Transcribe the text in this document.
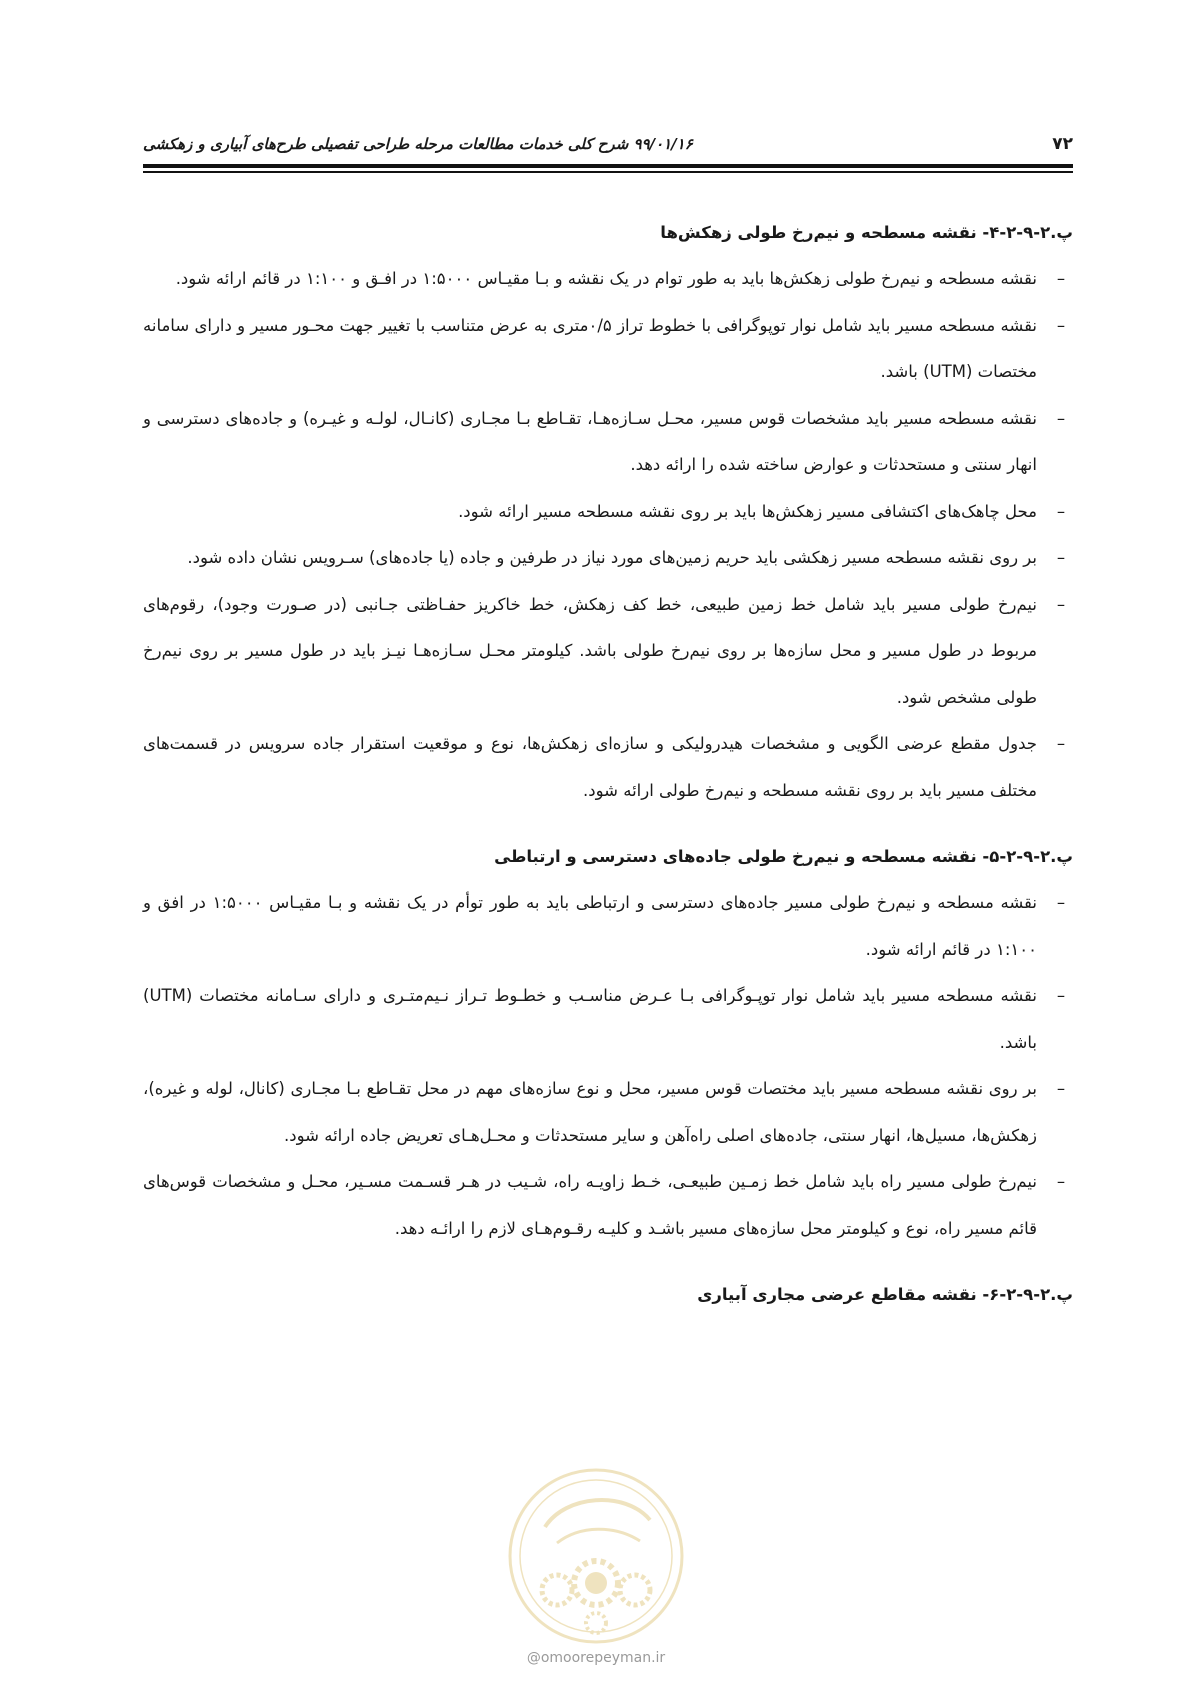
۷۲
۹۹/۰۱/۱۶ شرح کلی خدمات مطالعات مرحله طراحی تفصیلی طرح‌های آبیاری و زهکشی

پ.۲-۹-۲-۴- نقشه مسطحه و نیم‌رخ طولی زهکش‌ها

–
نقشه مسطحه و نیم‌رخ طولی زهکش‌ها باید به طور توام در یک نقشه و بـا مقیـاس ۱:۵۰۰۰ در افـق و ۱:۱۰۰ در قائم ارائه شود.
–
نقشه مسطحه مسیر باید شامل نوار توپوگرافی با خطوط تراز ۰/۵متری به عرض متناسب با تغییر جهت محـور مسیر و دارای سامانه مختصات (UTM) باشد.
–
نقشه مسطحه مسیر باید مشخصات قوس مسیر، محـل سـازه‌هـا، تقـاطع بـا مجـاری (کانـال، لولـه و غیـره) و جاده‌های دسترسی و انهار سنتی و مستحدثات و عوارض ساخته شده را ارائه دهد.
–
محل چاهک‌های اکتشافی مسیر زهکش‌ها باید بر روی نقشه مسطحه مسیر ارائه شود.
–
بر روی نقشه مسطحه مسیر زهکشی باید حریم زمین‌های مورد نیاز در طرفین و جاده (یا جاده‌های) سـرویس نشان داده شود.
–
نیم‌رخ طولی مسیر باید شامل خط زمین طبیعی، خط کف زهکش، خط خاکریز حفـاظتی جـانبی (در صـورت وجود)، رقوم‌های مربوط در طول مسیر و محل سازه‌ها بر روی نیم‌رخ طولی باشد. کیلومتر محـل سـازه‌هـا نیـز باید در طول مسیر بر روی نیم‌رخ طولی مشخص شود.
–
جدول مقطع عرضی الگویی و مشخصات هیدرولیکی و سازه‌ای زهکش‌ها، نوع و موقعیت استقرار جاده سرویس در قسمت‌های مختلف مسیر باید بر روی نقشه مسطحه و نیم‌رخ طولی ارائه شود.

پ.۲-۹-۲-۵- نقشه مسطحه و نیم‌رخ طولی جاده‌های دسترسی و ارتباطی

–
نقشه مسطحه و نیم‌رخ طولی مسیر جاده‌های دسترسی و ارتباطی باید به طور توأم در یک نقشه و بـا مقیـاس ۱:۵۰۰۰ در افق و ۱:۱۰۰ در قائم ارائه شود.
–
نقشه مسطحه مسیر باید شامل نوار توپـوگرافی بـا عـرض مناسـب و خطـوط تـراز نـیم‌متـری و دارای سـامانه مختصات (UTM) باشد.
–
بر روی نقشه مسطحه مسیر باید مختصات قوس مسیر، محل و نوع سازه‌های مهم در محل تقـاطع بـا مجـاری (کانال، لوله و غیره)، زهکش‌ها، مسیل‌ها، انهار سنتی، جاده‌های اصلی راه‌آهن و سایر مستحدثات و محـل‌هـای تعریض جاده ارائه شود.
–
نیم‌رخ طولی مسیر راه باید شامل خط زمـین طبیعـی، خـط زاویـه راه، شـیب در هـر قسـمت مسـیر، محـل و مشخصات قوس‌های قائم مسیر راه، نوع و کیلومتر محل سازه‌های مسیر باشـد و کلیـه رقـوم‌هـای لازم را ارائـه دهد.

پ.۲-۹-۲-۶- نقشه مقاطع عرضی مجاری آبیاری

@omoorepeyman.ir
